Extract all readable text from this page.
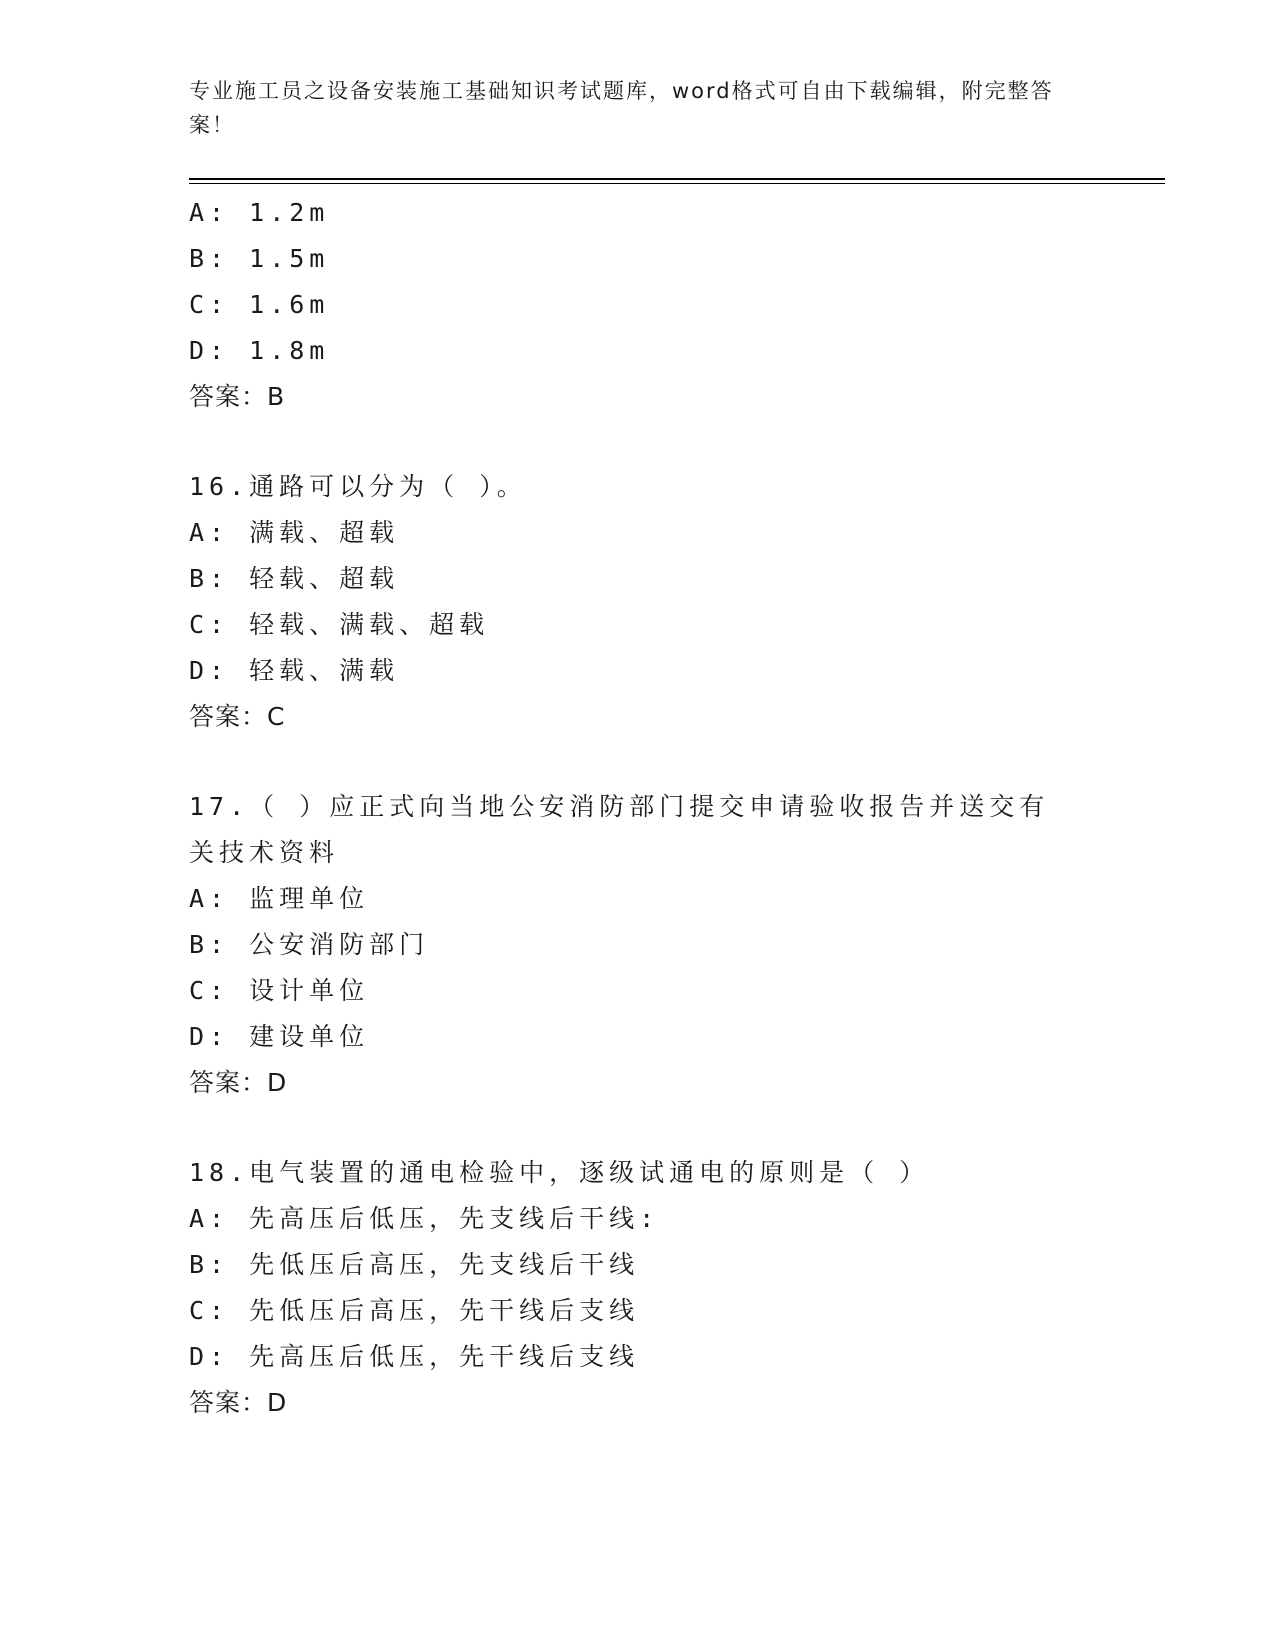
专业施工员之设备安装施工基础知识考试题库，word格式可自由下载编辑，附完整答案！
A: 1.2m
B: 1.5m
C: 1.6m
D: 1.8m
答案：B
16.通路可以分为（ ）。
A: 满载、超载
B: 轻载、超载
C: 轻载、满载、超载
D: 轻载、满载
答案：C
17.（ ）应正式向当地公安消防部门提交申请验收报告并送交有关技术资料
A: 监理单位
B: 公安消防部门
C: 设计单位
D: 建设单位
答案：D
18.电气装置的通电检验中，逐级试通电的原则是（ ）
A: 先高压后低压，先支线后干线:
B: 先低压后高压，先支线后干线
C: 先低压后高压，先干线后支线
D: 先高压后低压，先干线后支线
答案：D
